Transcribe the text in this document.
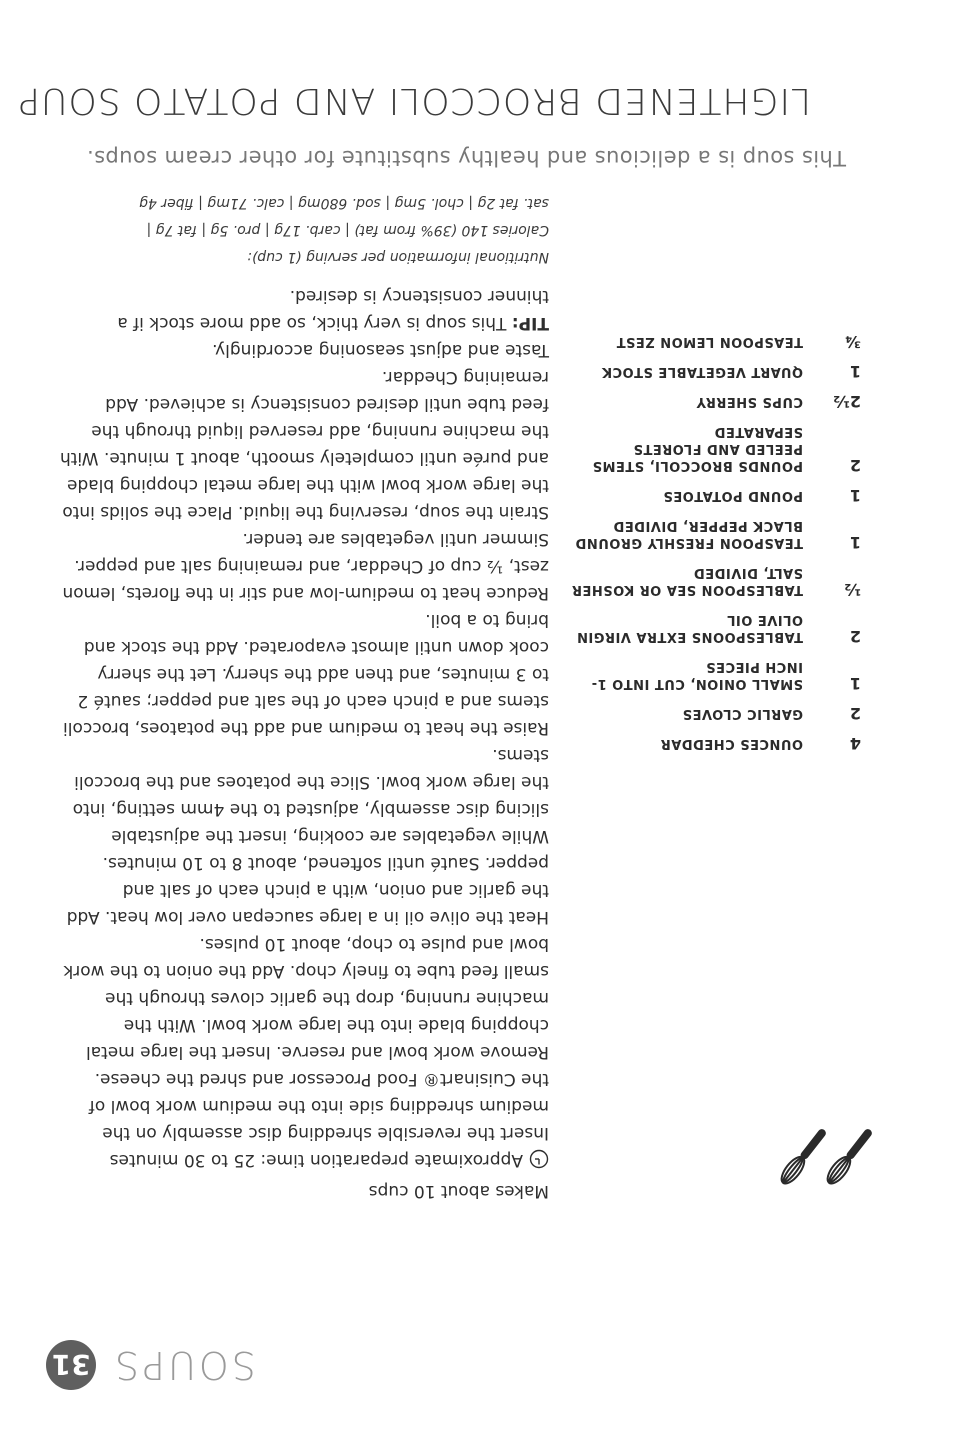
SOUPS
31
LIGHTENED BROCCOLI AND POTATO SOUP
This soup is a delicious and healthy substitute for other cream soups.
4
OUNCES CHEDDAR
2
GARLIC CLOVES
1
SMALL ONION, CUT INTO 1-INCH PIECES
2
TABLESPOONS EXTRA VIRGIN OLIVE OIL
½
TABLESPOON SEA OR KOSHER SALT, DIVIDED
1
TEASPOON FRESHLY GROUND BLACK PEPPER, DIVIDED
1
POUND POTATOES
2
POUNDS BROCCOLI, STEMS PEELED AND FLORETS SEPARATED
2½
CUPS SHERRY
1
QUART VEGETABLE STOCK
¾
TEASPOON LEMON ZEST

Makes about 10 cups

Approximate preparation time: 25 to 30 minutes

Insert the reversible shredding disc assembly on the medium shredding side into the medium work bowl of the Cuisinart® Food Processor and shred the cheese. Remove work bowl and reserve. Insert the large metal chopping blade into the large work bowl. With the machine running, drop the garlic cloves through the small feed tube to finely chop. Add the onion to the work bowl and pulse to chop, about 10 pulses.

Heat the olive oil in a large saucepan over low heat. Add the garlic and onion, with a pinch each of salt and pepper. Sauté until softened, about 8 to 10 minutes.

While vegetables are cooking, insert the adjustable slicing disc assembly, adjusted to the 4mm setting, into the large work bowl. Slice the potatoes and the broccoli stems.

Raise the heat to medium and add the potatoes, broccoli stems and a pinch each of the salt and pepper; sauté 2 to 3 minutes, and then add the sherry. Let the sherry cook down until almost evaporated. Add the stock and bring to a boil.

Reduce heat to medium-low and stir in the florets, lemon zest, ½ cup of Cheddar, and remaining salt and pepper. Simmer until vegetables are tender.

Strain the soup, reserving the liquid. Place the solids into the large work bowl with the large metal chopping blade and purée until completely smooth, about 1 minute. With the machine running, add reserved liquid through the feed tube until desired consistency is achieved. Add remaining Cheddar.

Taste and adjust seasoning accordingly.

TIP: This soup is very thick, so add more stock if a thinner consistency is desired.

Nutritional information per serving (1 cup):
Calories 140 (39% from fat) | carb. 17g | pro. 5g | fat 7g |
sat. fat 2g | chol. 5mg | sod. 680mg | calc. 71mg | fiber 4g
